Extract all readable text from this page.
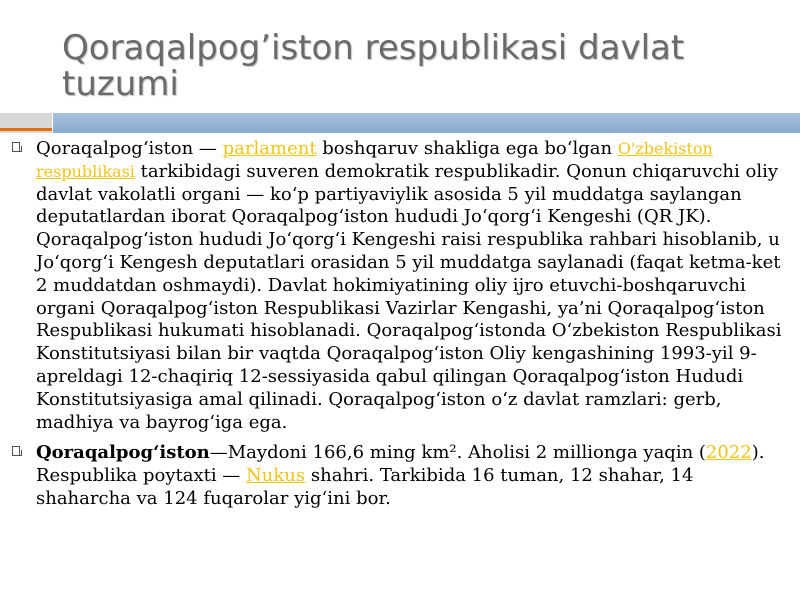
Qoraqalpog’iston respublikasi davlat tuzumi

Qoraqalpog‘iston — parlament boshqaruv shakliga ega bo‘lgan O'zbekiston respublikasi tarkibidagi suveren demokratik respublikadir. Qonun chiqaruvchi oliy davlat vakolatli organi — ko‘p partiyaviylik asosida 5 yil muddatga saylangan deputatlardan iborat Qoraqalpog‘iston hududi Jo‘qorg‘i Kengeshi (QR JK). Qoraqalpog‘iston hududi Jo‘qorg‘i Kengeshi raisi respublika rahbari hisoblanib, u Jo‘qorg‘i Kengesh deputatlari orasidan 5 yil muddatga saylanadi (faqat ketma-ket 2 muddatdan oshmaydi). Davlat hokimiyatining oliy ijro etuvchi-boshqaruvchi organi Qoraqalpog‘iston Respublikasi Vazirlar Kengashi, ya’ni Qoraqalpog‘iston Respublikasi hukumati hisoblanadi. Qoraqalpog‘istonda O‘zbekiston Respublikasi Konstitutsiyasi bilan bir vaqtda Qoraqalpog‘iston Oliy kengashining 1993-yil 9-apreldagi 12-chaqiriq 12-sessiyasida qabul qilingan Qoraqalpog‘iston Hududi Konstitutsiyasiga amal qilinadi. Qoraqalpog‘iston o‘z davlat ramzlari: gerb, madhiya va bayrog‘iga ega.

Qoraqalpog‘iston—Maydoni 166,6 ming km². Aholisi 2 millionga yaqin (2022). Respublika poytaxti — Nukus shahri. Tarkibida 16 tuman, 12 shahar, 14 shaharcha va 124 fuqarolar yig‘ini bor.
